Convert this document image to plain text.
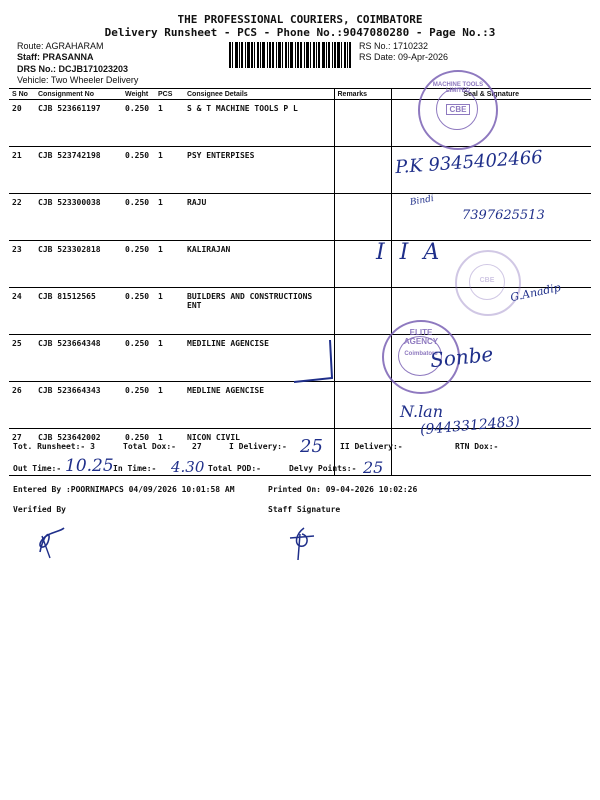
THE PROFESSIONAL COURIERS, COIMBATORE
Delivery Runsheet - PCS - Phone No.:9047080280 - Page No.:3
Route: AGRAHARAM
Staff: PRASANNA
DRS No.: DCJB171023203
Vehicle: Two Wheeler Delivery
RS No.: 1710232
RS Date: 09-Apr-2026
S No	Consignment No	Weight	PCS	Consignee Details	Remarks	Seal & Signature
20	CJB 523661197	0.250	1	S & T MACHINE TOOLS P L		
21	CJB 523742198	0.250	1	PSY ENTERPISES		
22	CJB 523300038	0.250	1	RAJU		
23	CJB 523302818	0.250	1	KALIRAJAN		
24	CJB 81512565	0.250	1	BUILDERS AND CONSTRUCTIONS ENT		
25	CJB 523664348	0.250	1	MEDILINE AGENCISE		
26	CJB 523664343	0.250	1	MEDLINE AGENCISE		
27	CJB 523642002	0.250	1	NICON CIVIL		
MACHINE TOOLS LIMITED
CBE
CBE
ELITE AGENCY
Coimbatore
P.K 9345402466
Bindi
7397625513
I I A
G.Anadip
Sonbe
N.lan
(9443312483)
Tot. Runsheet:- 3	Total Dox:- 27	I Delivery:- 25 II Delivery:-	RTN Dox:-
Out Time:- 10.25 In Time:- 4.30 Total POD:-	Delvy Points:- 25
Entered By :POORNIMAPCS 04/09/2026 10:01:58 AM	Printed On: 09-04-2026 10:02:26
Verified By	Staff Signature
